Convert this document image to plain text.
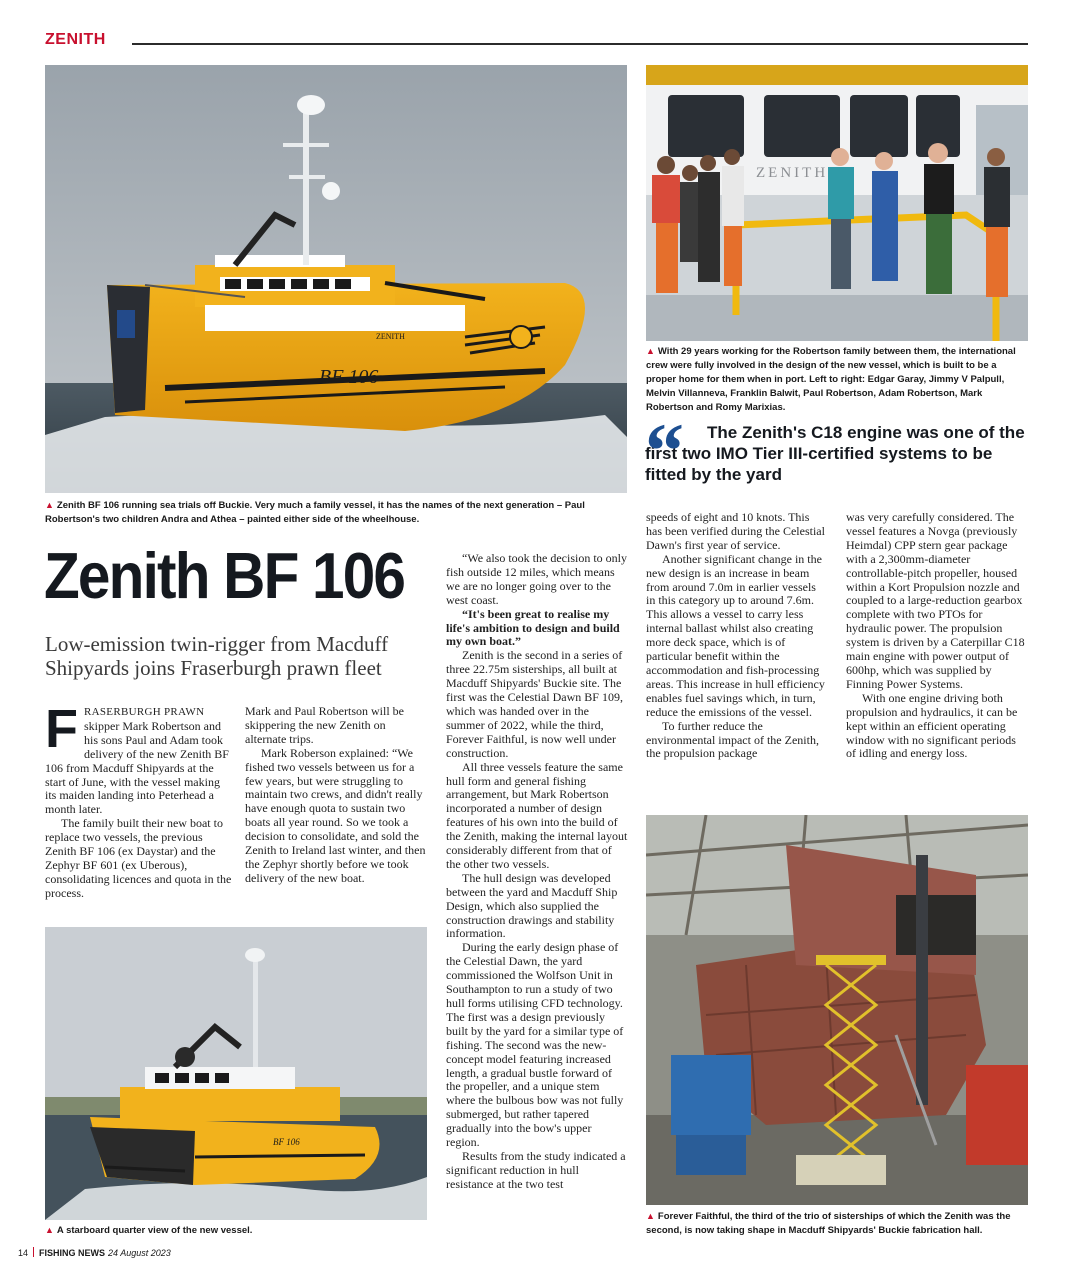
ZENITH
BF 106
ZENITH
▲ Zenith BF 106 running sea trials off Buckie. Very much a family vessel, it has the names of the next generation – Paul Robertson's two children Andra and Athea – painted either side of the wheelhouse.
ZENITH
▲ With 29 years working for the Robertson family between them, the international crew were fully involved in the design of the new vessel, which is built to be a proper home for them when in port. Left to right: Edgar Garay, Jimmy V Palpull, Melvin Villanneva, Franklin Balwit, Paul Robertson, Adam Robertson, Mark Robertson and Romy Marixias.
“	The Zenith's C18 engine was one of the first two IMO Tier III-certified systems to be fitted by the yard
Zenith BF 106
Low-emission twin-rigger from Macduff Shipyards joins Fraserburgh prawn fleet

FRASERBURGH PRAWN skipper Mark Robertson and his sons Paul and Adam took delivery of the new Zenith BF 106 from Macduff Shipyards at the start of June, with the vessel making its maiden landing into Peterhead a month later.

The family built their new boat to replace two vessels, the previous Zenith BF 106 (ex Daystar) and the Zephyr BF 601 (ex Uberous), consolidating licences and quota in the process.

Mark and Paul Robertson will be skippering the new Zenith on alternate trips.

Mark Roberson explained: “We fished two vessels between us for a few years, but were struggling to maintain two crews, and didn't really have enough quota to sustain two boats all year round. So we took a decision to consolidate, and sold the Zenith to Ireland last winter, and then the Zephyr shortly before we took delivery of the new boat.

BF 106
▲ A starboard quarter view of the new vessel.

“We also took the decision to only fish outside 12 miles, which means we are no longer going over to the west coast.

“It's been great to realise my life's ambition to design and build my own boat.”

Zenith is the second in a series of three 22.75m sisterships, all built at Macduff Shipyards' Buckie site. The first was the Celestial Dawn BF 109, which was handed over in the summer of 2022, while the third, Forever Faithful, is now well under construction.

All three vessels feature the same hull form and general fishing arrangement, but Mark Robertson incorporated a number of design features of his own into the build of the Zenith, making the internal layout considerably different from that of the other two vessels.

The hull design was developed between the yard and Macduff Ship Design, which also supplied the construction drawings and stability information.

During the early design phase of the Celestial Dawn, the yard commissioned the Wolfson Unit in Southampton to run a study of two hull forms utilising CFD technology. The first was a design previously built by the yard for a similar type of fishing. The second was the new-concept model featuring increased length, a gradual bustle forward of the propeller, and a unique stem where the bulbous bow was not fully submerged, but rather tapered gradually into the bow's upper region.

Results from the study indicated a significant reduction in hull resistance at the two test

speeds of eight and 10 knots. This has been verified during the Celestial Dawn's first year of service.

Another significant change in the new design is an increase in beam from around 7.0m in earlier vessels in this category up to around 7.6m. This allows a vessel to carry less internal ballast whilst also creating more deck space, which is of particular benefit within the accommodation and fish-processing areas. This increase in hull efficiency enables fuel savings which, in turn, reduce the emissions of the vessel.

To further reduce the environmental impact of the Zenith, the propulsion package

was very carefully considered. The vessel features a Novga (previously Heimdal) CPP stern gear package with a 2,300mm-diameter controllable-pitch propeller, housed within a Kort Propulsion nozzle and coupled to a large-reduction gearbox complete with two PTOs for hydraulic power. The propulsion system is driven by a Caterpillar C18 main engine with power output of 600hp, which was supplied by Finning Power Systems.

With one engine driving both propulsion and hydraulics, it can be kept within an efficient operating window with no significant periods of idling and energy loss.

▲ Forever Faithful, the third of the trio of sisterships of which the Zenith was the second, is now taking shape in Macduff Shipyards' Buckie fabrication hall.
14 FISHING NEWS 24 August 2023
